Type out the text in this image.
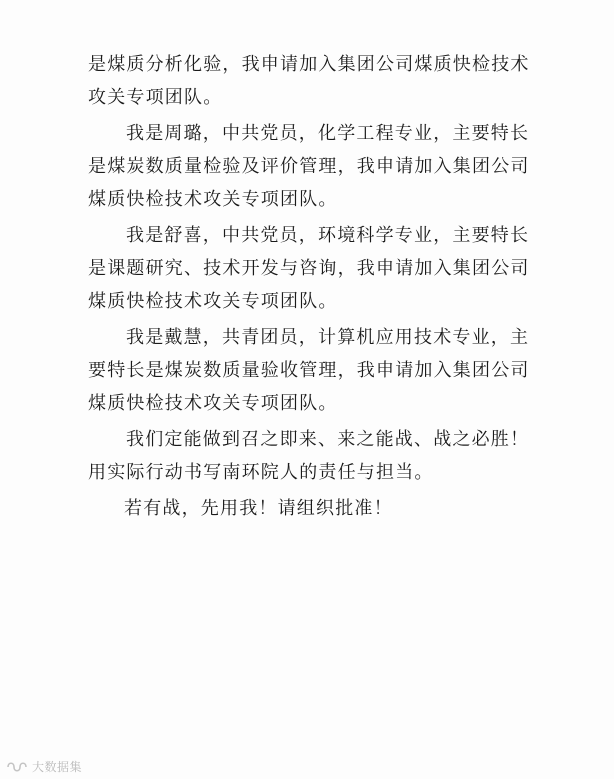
是煤质分析化验，我申请加入集团公司煤质快检技术攻关专项团队。

我是周璐，中共党员，化学工程专业，主要特长是煤炭数质量检验及评价管理，我申请加入集团公司煤质快检技术攻关专项团队。

我是舒喜，中共党员，环境科学专业，主要特长是课题研究、技术开发与咨询，我申请加入集团公司煤质快检技术攻关专项团队。

我是戴慧，共青团员，计算机应用技术专业，主要特长是煤炭数质量验收管理，我申请加入集团公司煤质快检技术攻关专项团队。

我们定能做到召之即来、来之能战、战之必胜！用实际行动书写南环院人的责任与担当。

若有战，先用我！请组织批准！

大数据集
